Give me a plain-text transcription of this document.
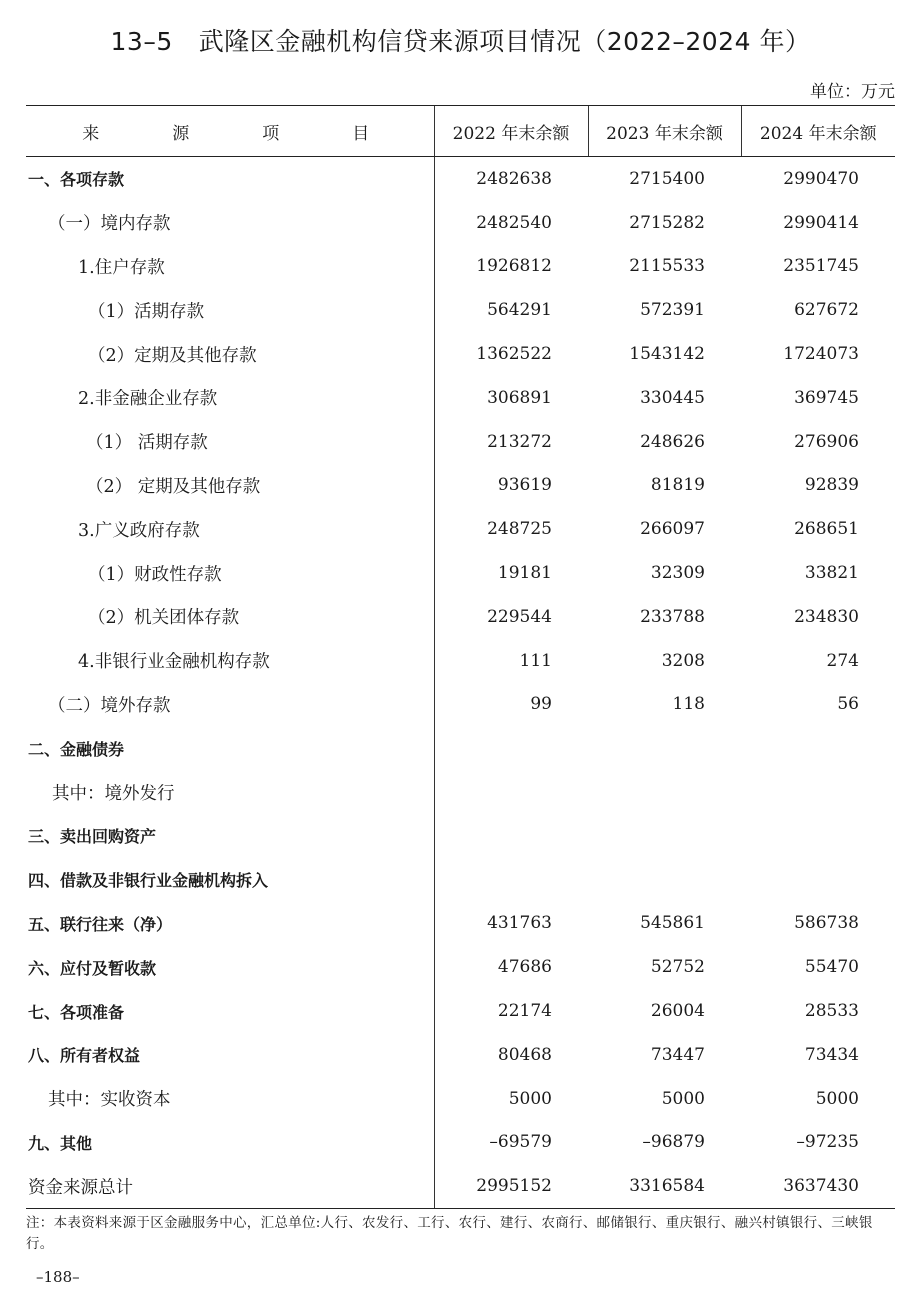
13–5 武隆区金融机构信贷来源项目情况（2022–2024 年）
单位：万元
来　源　项　目	2022 年末余额	2023 年末余额	2024 年末余额
一、各项存款	2482638	2715400	2990470
（一）境内存款	2482540	2715282	2990414
1.住户存款	1926812	2115533	2351745
（1）活期存款	564291	572391	627672
（2）定期及其他存款	1362522	1543142	1724073
2.非金融企业存款	306891	330445	369745
（1） 活期存款	213272	248626	276906
（2） 定期及其他存款	93619	81819	92839
3.广义政府存款	248725	266097	268651
（1）财政性存款	19181	32309	33821
（2）机关团体存款	229544	233788	234830
4.非银行业金融机构存款	111	3208	274
（二）境外存款	99	118	56
二、金融债券			
其中：境外发行			
三、卖出回购资产			
四、借款及非银行业金融机构拆入			
五、联行往来（净）	431763	545861	586738
六、应付及暂收款	47686	52752	55470
七、各项准备	22174	26004	28533
八、所有者权益	80468	73447	73434
其中：实收资本	5000	5000	5000
九、其他	–69579	–96879	–97235
资金来源总计	2995152	3316584	3637430
注：本表资料来源于区金融服务中心，汇总单位:人行、农发行、工行、农行、建行、农商行、邮储银行、重庆银行、融兴村镇银行、三峡银行。
–188–
